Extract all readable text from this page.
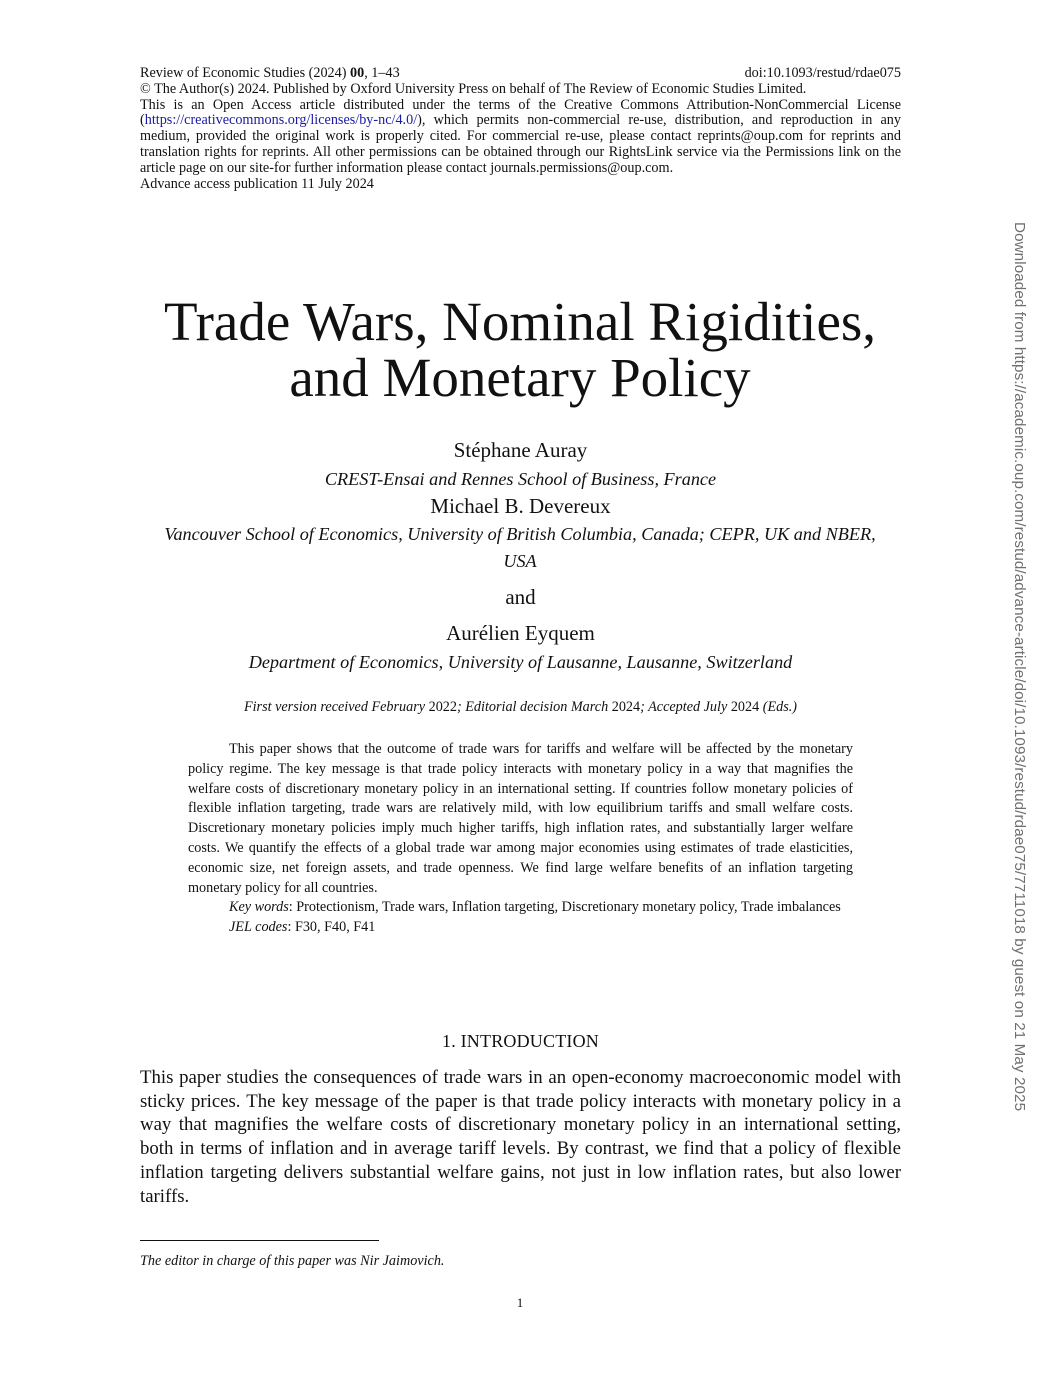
Review of Economic Studies (2024) 00, 1–43	doi:10.1093/restud/rdae075
© The Author(s) 2024. Published by Oxford University Press on behalf of The Review of Economic Studies Limited.
This is an Open Access article distributed under the terms of the Creative Commons Attribution-NonCommercial License (https://creativecommons.org/licenses/by-nc/4.0/), which permits non-commercial re-use, distribution, and reproduction in any medium, provided the original work is properly cited. For commercial re-use, please contact reprints@oup.com for reprints and translation rights for reprints. All other permissions can be obtained through our RightsLink service via the Permissions link on the article page on our site-for further information please contact journals.permissions@oup.com.
Advance access publication 11 July 2024
Trade Wars, Nominal Rigidities,
and Monetary Policy
Stéphane Auray
CREST-Ensai and Rennes School of Business, France
Michael B. Devereux
Vancouver School of Economics, University of British Columbia, Canada; CEPR, UK and NBER, USA
and
Aurélien Eyquem
Department of Economics, University of Lausanne, Lausanne, Switzerland
First version received February 2022; Editorial decision March 2024; Accepted July 2024 (Eds.)

This paper shows that the outcome of trade wars for tariffs and welfare will be affected by the monetary policy regime. The key message is that trade policy interacts with monetary policy in a way that magnifies the welfare costs of discretionary monetary policy in an international setting. If countries follow monetary policies of flexible inflation targeting, trade wars are relatively mild, with low equilibrium tariffs and small welfare costs. Discretionary monetary policies imply much higher tariffs, high inflation rates, and substantially larger welfare costs. We quantify the effects of a global trade war among major economies using estimates of trade elasticities, economic size, net foreign assets, and trade openness. We find large welfare benefits of an inflation targeting monetary policy for all countries.

Key words: Protectionism, Trade wars, Inflation targeting, Discretionary monetary policy, Trade imbalances

JEL codes: F30, F40, F41

1. INTRODUCTION

This paper studies the consequences of trade wars in an open-economy macroeconomic model with sticky prices. The key message of the paper is that trade policy interacts with monetary policy in a way that magnifies the welfare costs of discretionary monetary policy in an international setting, both in terms of inflation and in average tariff levels. By contrast, we find that a policy of flexible inflation targeting delivers substantial welfare gains, not just in low inflation rates, but also lower tariffs.

The editor in charge of this paper was Nir Jaimovich.
1
Downloaded from https://academic.oup.com/restud/advance-article/doi/10.1093/restud/rdae075/7711018 by guest on 21 May 2025
